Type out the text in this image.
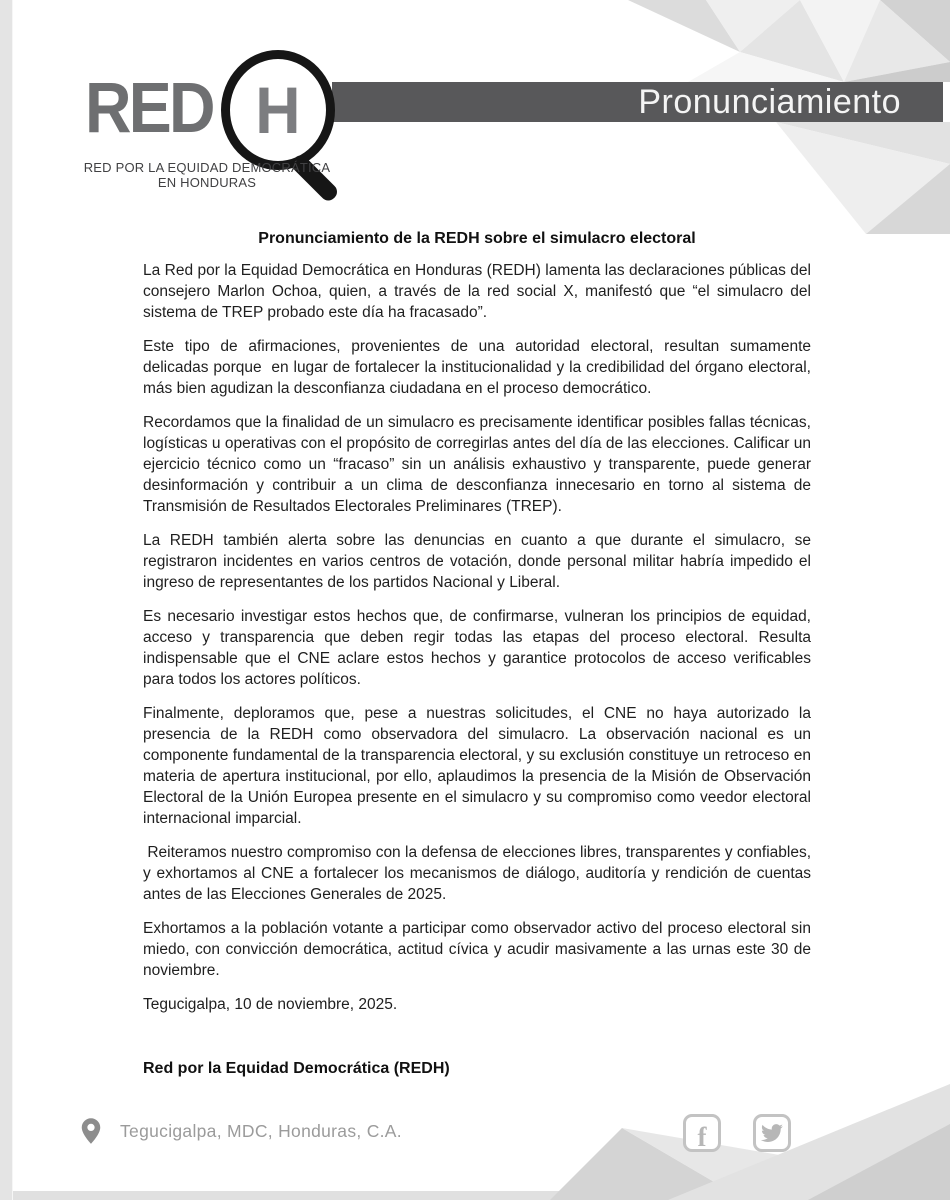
Pronunciamiento
RED H
RED POR LA EQUIDAD DEMOCRÁTICA
EN HONDURAS
Pronunciamiento de la REDH sobre el simulacro electoral

La Red por la Equidad Democrática en Honduras (REDH) lamenta las declaraciones públicas del consejero Marlon Ochoa, quien, a través de la red social X, manifestó que “el simulacro del sistema de TREP probado este día ha fracasado”.

Este tipo de afirmaciones, provenientes de una autoridad electoral, resultan sumamente delicadas porque  en lugar de fortalecer la institucionalidad y la credibilidad del órgano electoral, más bien agudizan la desconfianza ciudadana en el proceso democrático.

Recordamos que la finalidad de un simulacro es precisamente identificar posibles fallas técnicas, logísticas u operativas con el propósito de corregirlas antes del día de las elecciones. Calificar un ejercicio técnico como un “fracaso” sin un análisis exhaustivo y transparente, puede generar desinformación y contribuir a un clima de desconfianza innecesario en torno al sistema de Transmisión de Resultados Electorales Preliminares (TREP).

La REDH también alerta sobre las denuncias en cuanto a que durante el simulacro, se registraron incidentes en varios centros de votación, donde personal militar habría impedido el ingreso de representantes de los partidos Nacional y Liberal.

Es necesario investigar estos hechos que, de confirmarse, vulneran los principios de equidad, acceso y transparencia que deben regir todas las etapas del proceso electoral. Resulta indispensable que el CNE aclare estos hechos y garantice protocolos de acceso verificables para todos los actores políticos.

Finalmente, deploramos que, pese a nuestras solicitudes, el CNE no haya autorizado la presencia de la REDH como observadora del simulacro. La observación nacional es un componente fundamental de la transparencia electoral, y su exclusión constituye un retroceso en materia de apertura institucional, por ello, aplaudimos la presencia de la Misión de Observación Electoral de la Unión Europea presente en el simulacro y su compromiso como veedor electoral internacional imparcial.

Reiteramos nuestro compromiso con la defensa de elecciones libres, transparentes y confiables, y exhortamos al CNE a fortalecer los mecanismos de diálogo, auditoría y rendición de cuentas antes de las Elecciones Generales de 2025.

Exhortamos a la población votante a participar como observador activo del proceso electoral sin miedo, con convicción democrática, actitud cívica y acudir masivamente a las urnas este 30 de noviembre.

Tegucigalpa, 10 de noviembre, 2025.

Red por la Equidad Democrática (REDH)
Tegucigalpa, MDC, Honduras, C.A.	f
